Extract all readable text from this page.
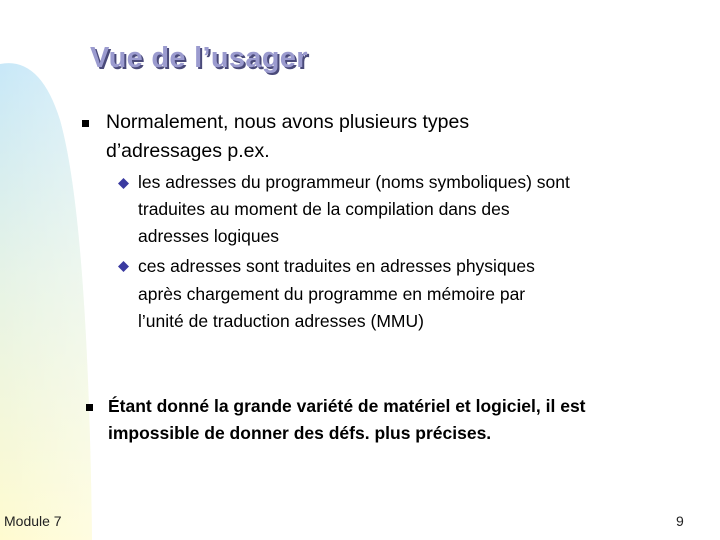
Vue de l’usager
Normalement, nous avons plusieurs types
d’adressages p.ex.
les adresses du programmeur (noms symboliques) sont
traduites au moment de la compilation dans des
adresses logiques
ces adresses sont traduites en adresses physiques
après chargement du programme en mémoire par
l’unité de traduction adresses (MMU)
Étant donné la grande variété de matériel et logiciel, il est
impossible de donner des défs. plus précises.
Module 7	9
